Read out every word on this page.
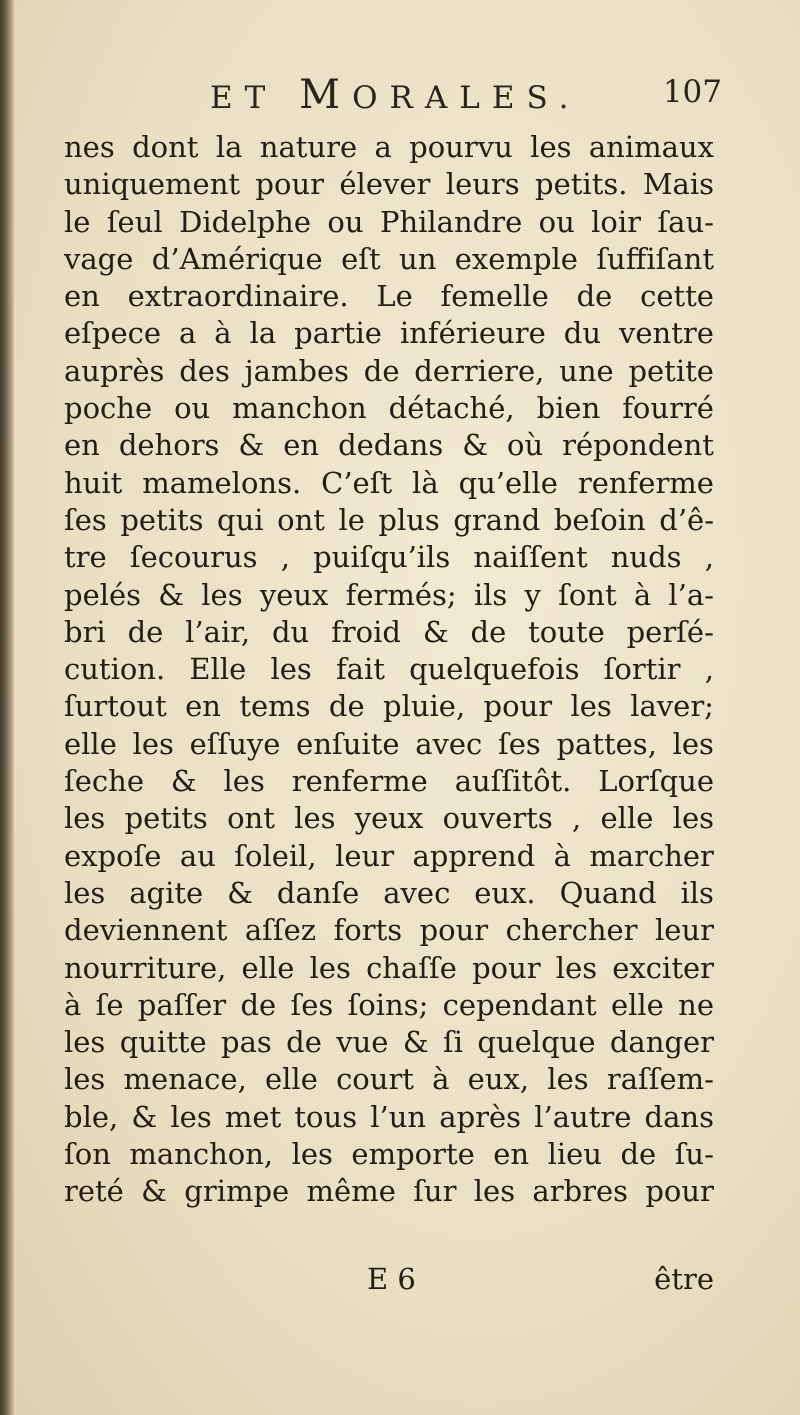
ET MORALES.	107
nes dont la nature a pourvu les animaux
uniquement pour élever leurs petits. Mais
le ſeul Didelphe ou Philandre ou loir ſau-
vage d’Amérique eſt un exemple ſuffiſant
en extraordinaire. Le femelle de cette
eſpece a à la partie inférieure du ventre
auprès des jambes de derriere, une petite
poche ou manchon détaché, bien fourré
en dehors & en dedans & où répondent
huit mamelons. C’eſt là qu’elle renferme
ſes petits qui ont le plus grand beſoin d’ê-
tre ſecourus , puiſqu’ils naiſſent nuds ,
pelés & les yeux fermés; ils y ſont à l’a-
bri de l’air, du froid & de toute perſé-
cution. Elle les fait quelquefois ſortir ,
ſurtout en tems de pluie, pour les laver;
elle les eſſuye enſuite avec ſes pattes, les
ſeche & les renferme auſſitôt. Lorſque
les petits ont les yeux ouverts , elle les
expoſe au ſoleil, leur apprend à marcher
les agite & danſe avec eux. Quand ils
deviennent aſſez forts pour chercher leur
nourriture, elle les chaſſe pour les exciter
à ſe paſſer de ſes ſoins; cependant elle ne
les quitte pas de vue & ſi quelque danger
les menace, elle court à eux, les raſſem-
ble, & les met tous l’un après l’autre dans
ſon manchon, les emporte en lieu de ſu-
reté & grimpe même ſur les arbres pour
E 6	être
